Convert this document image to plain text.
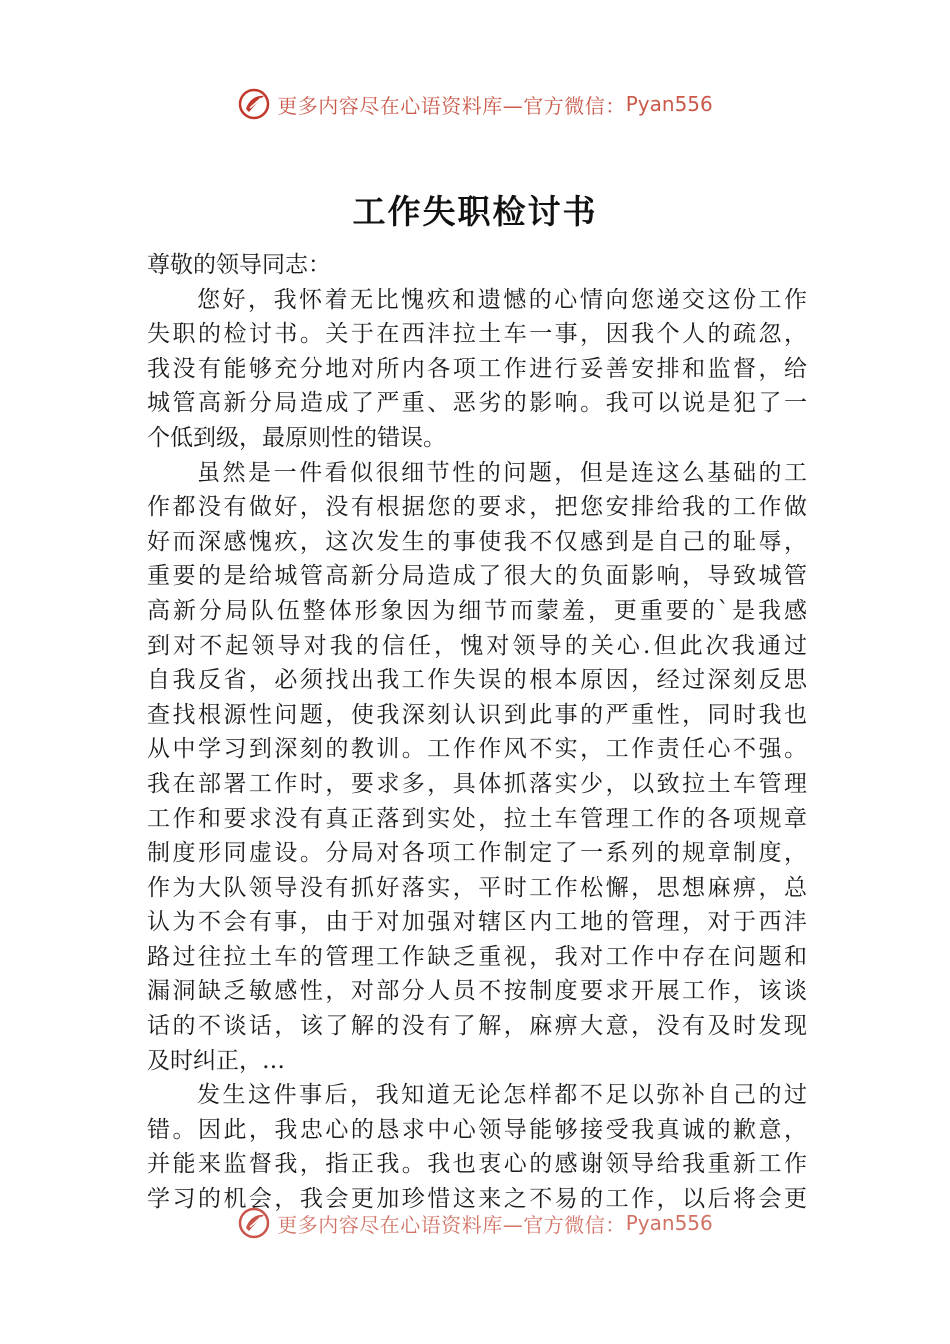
更多内容尽在心语资料库—官方微信： Pyan556
工作失职检讨书
尊敬的领导同志：
您好，我怀着无比愧疚和遗憾的心情向您递交这份工作
失职的检讨书。关于在西沣拉土车一事，因我个人的疏忽，
我没有能够充分地对所内各项工作进行妥善安排和监督，给
城管高新分局造成了严重、恶劣的影响。我可以说是犯了一
个低到级，最原则性的错误。
虽然是一件看似很细节性的问题，但是连这么基础的工
作都没有做好，没有根据您的要求，把您安排给我的工作做
好而深感愧疚，这次发生的事使我不仅感到是自己的耻辱，
重要的是给城管高新分局造成了很大的负面影响，导致城管
高新分局队伍整体形象因为细节而蒙羞，更重要的`是我感
到对不起领导对我的信任，愧对领导的关心.但此次我通过
自我反省，必须找出我工作失误的根本原因，经过深刻反思
查找根源性问题，使我深刻认识到此事的严重性，同时我也
从中学习到深刻的教训。工作作风不实，工作责任心不强。
我在部署工作时，要求多，具体抓落实少，以致拉土车管理
工作和要求没有真正落到实处，拉土车管理工作的各项规章
制度形同虚设。分局对各项工作制定了一系列的规章制度，
作为大队领导没有抓好落实，平时工作松懈，思想麻痹，总
认为不会有事，由于对加强对辖区内工地的管理，对于西沣
路过往拉土车的管理工作缺乏重视，我对工作中存在问题和
漏洞缺乏敏感性，对部分人员不按制度要求开展工作，该谈
话的不谈话，该了解的没有了解，麻痹大意，没有及时发现
及时纠正，…
发生这件事后，我知道无论怎样都不足以弥补自己的过
错。因此，我忠心的恳求中心领导能够接受我真诚的歉意，
并能来监督我，指正我。我也衷心的感谢领导给我重新工作
学习的机会，我会更加珍惜这来之不易的工作，以后将会更
更多内容尽在心语资料库—官方微信： Pyan556
